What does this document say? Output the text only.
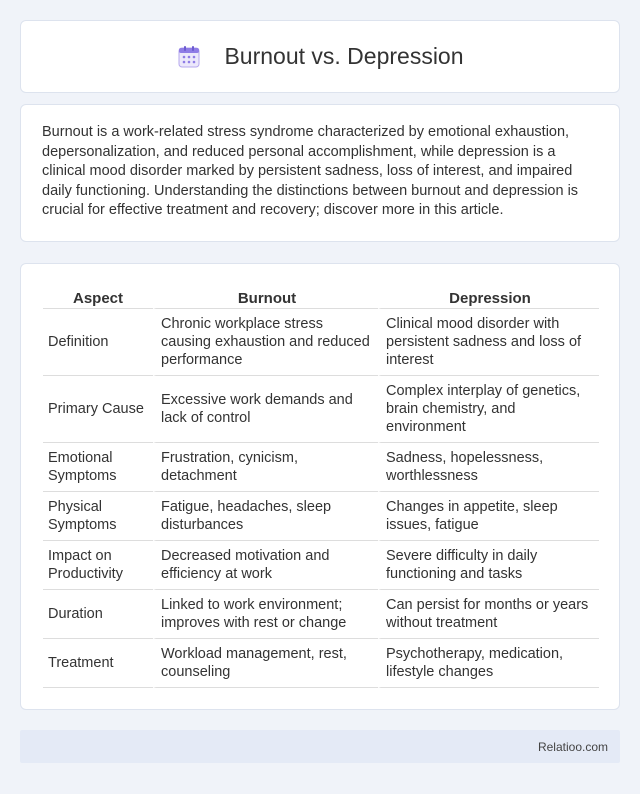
Burnout vs. Depression

Burnout is a work-related stress syndrome characterized by emotional exhaustion, depersonalization, and reduced personal accomplishment, while depression is a clinical mood disorder marked by persistent sadness, loss of interest, and impaired daily functioning. Understanding the distinctions between burnout and depression is crucial for effective treatment and recovery; discover more in this article.

Aspect	Burnout	Depression
Definition	Chronic workplace stress causing exhaustion and reduced performance	Clinical mood disorder with persistent sadness and loss of interest
Primary Cause	Excessive work demands and lack of control	Complex interplay of genetics, brain chemistry, and environment
Emotional Symptoms	Frustration, cynicism, detachment	Sadness, hopelessness, worthlessness
Physical Symptoms	Fatigue, headaches, sleep disturbances	Changes in appetite, sleep issues, fatigue
Impact on Productivity	Decreased motivation and efficiency at work	Severe difficulty in daily functioning and tasks
Duration	Linked to work environment; improves with rest or change	Can persist for months or years without treatment
Treatment	Workload management, rest, counseling	Psychotherapy, medication, lifestyle changes
Relatioo.com
